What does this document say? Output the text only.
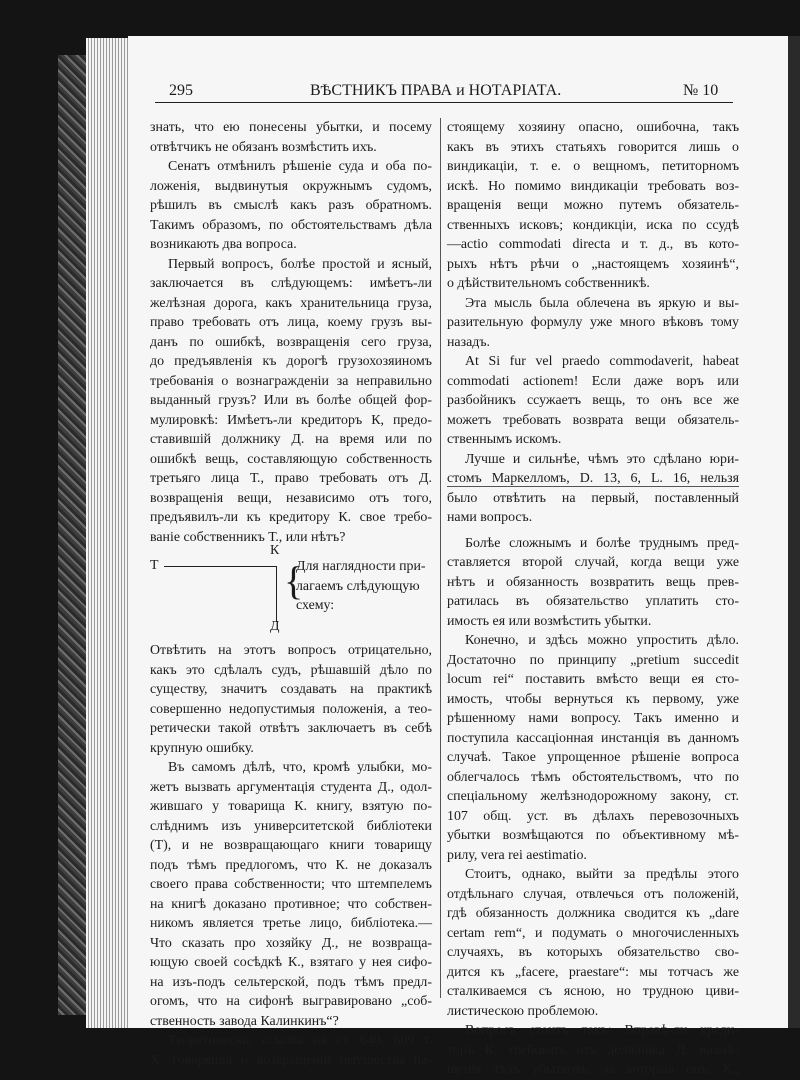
295	ВѢСТНИКЪ ПРАВА и НОТАРІАТА.	№ 10

знать, что ею понесены убытки, и посему

отвѣтчикъ не обязанъ возмѣстить ихъ.

Сенатъ отмѣнилъ рѣшеніе суда и оба по-

ложенія, выдвинутыя окружнымъ судомъ,

рѣшилъ въ смыслѣ какъ разъ обратномъ.

Такимъ образомъ, по обстоятельствамъ дѣла

возникають два вопроса.

Первый вопросъ, болѣе простой и ясный,

заключается въ слѣдующемъ: имѣетъ-ли

желѣзная дорога, какъ хранительница груза,

право требовать отъ лица, коему грузъ вы-

данъ по ошибкѣ, возвращенія сего груза,

до предъявленія къ дорогѣ грузохозяиномъ

требованія о вознагражденіи за неправильно

выданный грузъ? Или въ болѣе общей фор-

мулировкѣ: Имѣетъ-ли кредиторъ К, предо-

ставившій должнику Д. на время или по

ошибкѣ вещь, составляющую собственность

третьяго лица Т., право требовать отъ Д.

возвращенія вещи, независимо отъ того,

предъявилъ-ли къ кредитору К. свое требо-

ваніе собственникъ Т., или нѣтъ?

Т
К
Д
{
Для наглядности при-
лагаемъ слѣдующую
схему:

Отвѣтить на этотъ вопросъ отрицательно,

какъ это сдѣлалъ судъ, рѣшавшій дѣло по

существу, значитъ создавать на практикѣ

совершенно недопустимыя положенія, а тео-

ретически такой отвѣтъ заключаетъ въ себѣ

крупную ошибку.

Въ самомъ дѣлѣ, что, кромѣ улыбки, мо-

жетъ вызвать аргументація студента Д., одол-

жившаго у товарища К. книгу, взятую по-

слѣднимъ изъ университетской библіотеки

(Т), и не возвращающаго книги товарищу

подъ тѣмъ предлогомъ, что К. не доказалъ

своего права собственности; что штемпелемъ

на книгѣ доказано противное; что собствен-

никомъ является третье лицо, библіотека.—

Что сказать про хозяйку Д., не возвраща-

ющую своей сосѣдкѣ К., взятаго у нея сифо-

на изъ-подъ сельтерской, подъ тѣмъ предл-

огомъ, что на сифонѣ выгравировано „соб-

ственность завода Калинкинъ“?

Теоретически, ссылка на ст. 640, 609 т.

X, говорящія о возвращеніи имущества на-

стоящему хозяину опасно, ошибочна, такъ

какъ въ этихъ статьяхъ говорится лишь о

виндикаціи, т. е. о вещномъ, петиторномъ

искѣ. Но помимо виндикаціи требовать воз-

вращенія вещи можно путемъ обязатель-

ственныхъ исковъ; кондикціи, иска по ссудѣ

—actio commodati directa и т. д., въ кото-

рыхъ нѣтъ рѣчи о „настоящемъ хозяинѣ“,

о дѣйствительномъ собственникѣ.

Эта мысль была облечена въ яркую и вы-

разительную формулу уже много вѣковъ тому

назадъ.

At Si fur vel praedo commodaverit, habeat

commodati actionem! Если даже воръ или

разбойникъ ссужаетъ вещь, то онъ все же

можетъ требовать возврата вещи обязатель-

ственнымъ искомъ.

Лучше и сильнѣе, чѣмъ это сдѣлано юри-

стомъ Маркелломъ, D. 13, 6, L. 16, нельзя

было отвѣтить на первый, поставленный

нами вопросъ.

Болѣе сложнымъ и болѣе труднымъ пред-

ставляется второй случай, когда вещи уже

нѣтъ и обязанность возвратить вещь прев-

ратилась въ обязательство уплатить сто-

имость ея или возмѣстить убытки.

Конечно, и здѣсь можно упростить дѣло.

Достаточно по принципу „pretium succedit

locum rei“ поставить вмѣсто вещи ея сто-

имость, чтобы вернуться къ первому, уже

рѣшенному нами вопросу. Такъ именно и

поступила кассаціонная инстанція въ данномъ

случаѣ. Такое упрощенное рѣшеніе вопроса

облегчалось тѣмъ обстоятельствомъ, что по

спеціальному желѣзнодорожному закону, ст.

107 общ. уст. въ дѣлахъ перевозочныхъ

убытки возмѣщаются по объективному мѣ-

рилу, vera rei aestimatio.

Стоитъ, однако, выйти за предѣлы этого

отдѣльнаго случая, отвлечься отъ положеній,

гдѣ обязанность должника сводится къ „dare

certam rem“, и подумать о многочисленныхъ

случаяхъ, въ которыхъ обязательство сво-

дится къ „facere, praestare“: мы тотчасъ же

сталкиваемся съ ясною, но трудною циви-

листическою проблемою.

Вопросъ стоитъ такъ: Вправѣ-ли креди-

торъ К. требовать отъ должника Д. возмѣ-

щенія тѣхъ убытковъ, за которыя онъ, К.,
